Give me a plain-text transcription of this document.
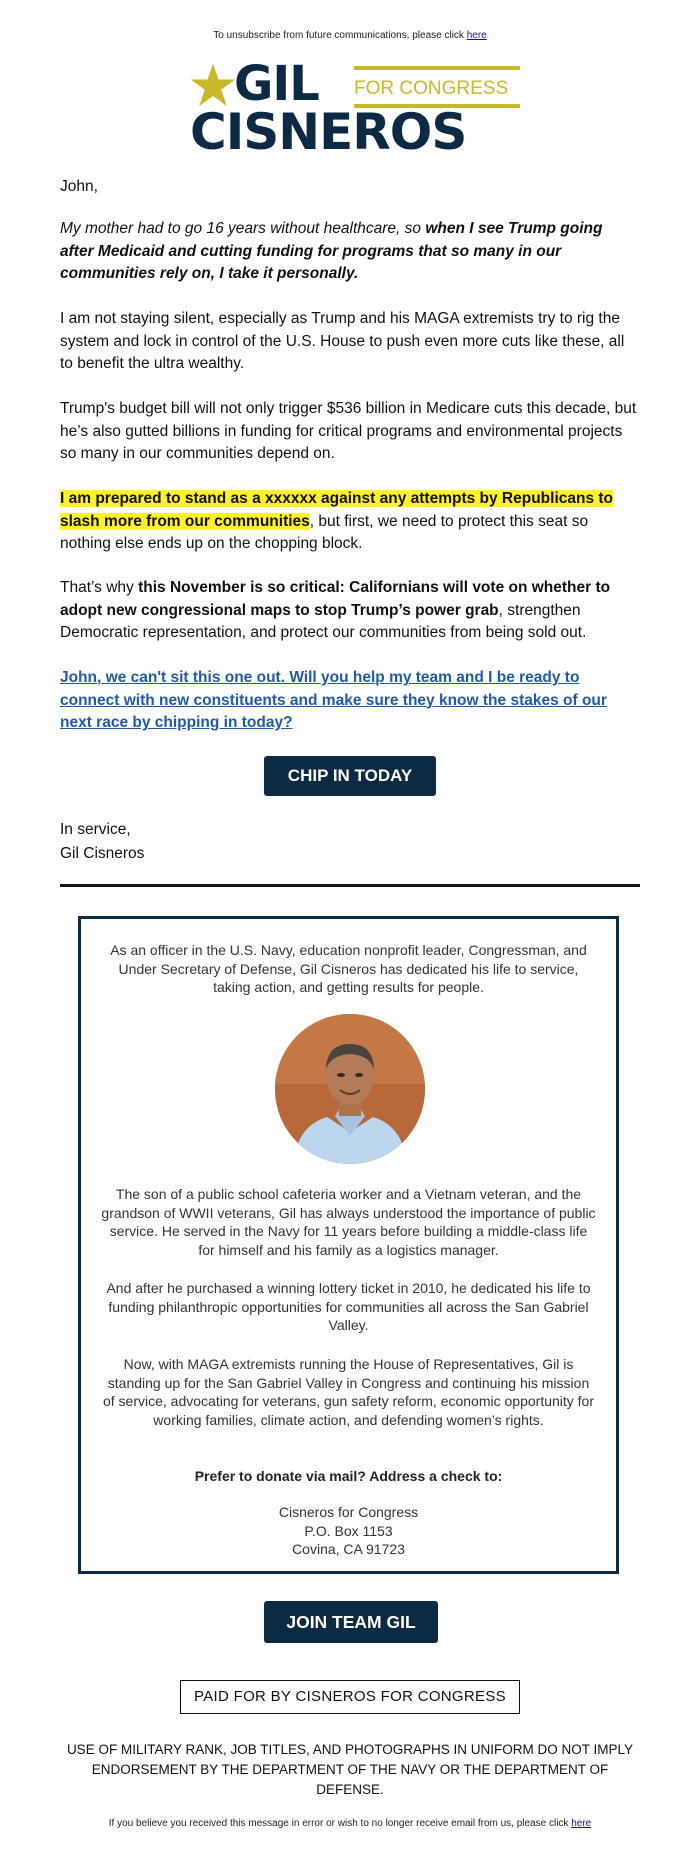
To unsubscribe from future communications, please click here
GIL FOR CONGRESS
CISNEROS
John,

My mother had to go 16 years without healthcare, so when I see Trump going after Medicaid and cutting funding for programs that so many in our communities rely on, I take it personally.

I am not staying silent, especially as Trump and his MAGA extremists try to rig the system and lock in control of the U.S. House to push even more cuts like these, all to benefit the ultra wealthy.

Trump's budget bill will not only trigger $536 billion in Medicare cuts this decade, but he’s also gutted billions in funding for critical programs and environmental projects so many in our communities depend on.

I am prepared to stand as a xxxxxx against any attempts by Republicans to slash more from our communities, but first, we need to protect this seat so nothing else ends up on the chopping block.

That’s why this November is so critical: Californians will vote on whether to adopt new congressional maps to stop Trump’s power grab, strengthen Democratic representation, and protect our communities from being sold out.

John, we can't sit this one out. Will you help my team and I be ready to connect with new constituents and make sure they know the stakes of our next race by chipping in today?
CHIP IN TODAY
In service,
Gil Cisneros
As an officer in the U.S. Navy, education nonprofit leader, Congressman, and Under Secretary of Defense, Gil Cisneros has dedicated his life to service, taking action, and getting results for people.
The son of a public school cafeteria worker and a Vietnam veteran, and the grandson of WWII veterans, Gil has always understood the importance of public service. He served in the Navy for 11 years before building a middle-class life for himself and his family as a logistics manager.
And after he purchased a winning lottery ticket in 2010, he dedicated his life to funding philanthropic opportunities for communities all across the San Gabriel Valley.
Now, with MAGA extremists running the House of Representatives, Gil is standing up for the San Gabriel Valley in Congress and continuing his mission of service, advocating for veterans, gun safety reform, economic opportunity for working families, climate action, and defending women’s rights.
Prefer to donate via mail? Address a check to:
Cisneros for Congress
P.O. Box 1153
Covina, CA 91723
JOIN TEAM GIL
PAID FOR BY CISNEROS FOR CONGRESS
USE OF MILITARY RANK, JOB TITLES, AND PHOTOGRAPHS IN UNIFORM DO NOT IMPLY ENDORSEMENT BY THE DEPARTMENT OF THE NAVY OR THE DEPARTMENT OF DEFENSE.
If you believe you received this message in error or wish to no longer receive email from us, please click here
